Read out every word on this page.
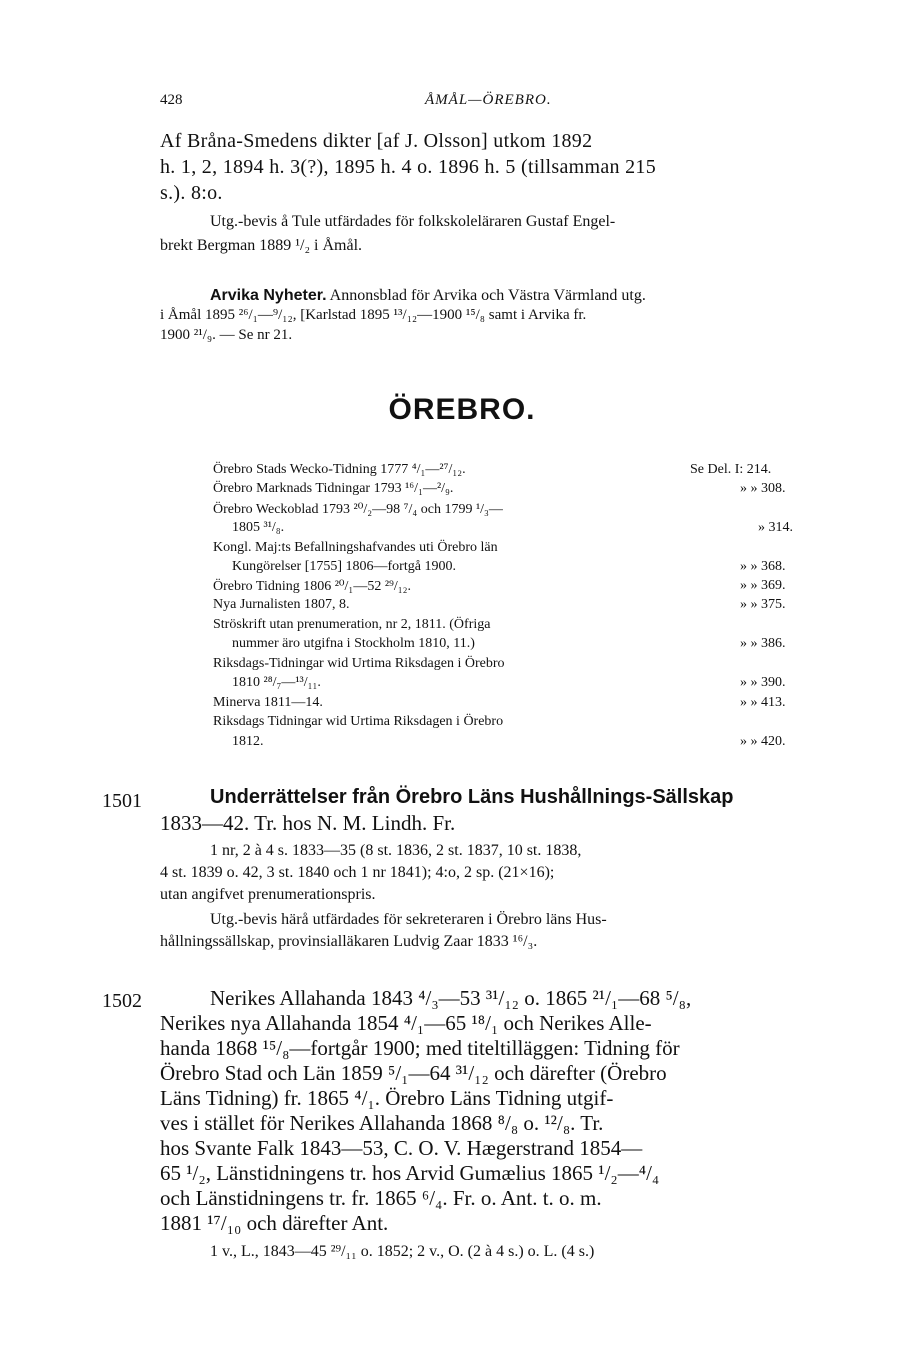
428	ÅMÅL—ÖREBRO.
Af Bråna-Smedens dikter [af J. Olsson] utkom 1892
h. 1, 2, 1894 h. 3(?), 1895 h. 4 o. 1896 h. 5 (tillsamman 215
s.). 8:o.
Utg.-bevis å Tule utfärdades för folkskoleläraren Gustaf Engel-
brekt Bergman 1889 ¹/₂ i Åmål.
Arvika Nyheter. Annonsblad för Arvika och Västra Värmland utg.
i Åmål 1895 ²⁶/₁—⁹/₁₂, [Karlstad 1895 ¹³/₁₂—1900 ¹⁵/₈ samt i Arvika fr.
1900 ²¹/₉. — Se nr 21.
ÖREBRO.
Örebro Stads Wecko-Tidning 1777 ⁴/₁—²⁷/₁₂.	Se Del. I: 214.
Örebro Marknads Tidningar 1793 ¹⁶/₁—²/₉.	» » 308.
Örebro Weckoblad 1793 ²⁰/₂—98 ⁷/₄ och 1799 ¹/₃—
1805 ³¹/₈.	» 314.
Kongl. Maj:ts Befallningshafvandes uti Örebro län
Kungörelser [1755] 1806—fortgå 1900.	» » 368.
Örebro Tidning 1806 ²⁰/₁—52 ²⁹/₁₂.	» » 369.
Nya Jurnalisten 1807, 8.	» » 375.
Ströskrift utan prenumeration, nr 2, 1811. (Öfriga
nummer äro utgifna i Stockholm 1810, 11.)	» » 386.
Riksdags-Tidningar wid Urtima Riksdagen i Örebro
1810 ²⁸/₇—¹³/₁₁.	» » 390.
Minerva 1811—14.	» » 413.
Riksdags Tidningar wid Urtima Riksdagen i Örebro
1812.	» » 420.
1501	Underrättelser från Örebro Läns Hushållnings-Sällskap
1833—42. Tr. hos N. M. Lindh. Fr.
1 nr, 2 à 4 s. 1833—35 (8 st. 1836, 2 st. 1837, 10 st. 1838,
4 st. 1839 o. 42, 3 st. 1840 och 1 nr 1841); 4:o, 2 sp. (21×16);
utan angifvet prenumerationspris.
Utg.-bevis härå utfärdades för sekreteraren i Örebro läns Hus-
hållningssällskap, provinsialläkaren Ludvig Zaar 1833 ¹⁶/₃.
1502	Nerikes Allahanda 1843 ⁴/₃—53 ³¹/₁₂ o. 1865 ²¹/₁—68 ⁵/₈,
Nerikes nya Allahanda 1854 ⁴/₁—65 ¹⁸/₁ och Nerikes Alle-
handa 1868 ¹⁵/₈—fortgår 1900; med titeltilläggen: Tidning för
Örebro Stad och Län 1859 ⁵/₁—64 ³¹/₁₂ och därefter (Örebro
Läns Tidning) fr. 1865 ⁴/₁. Örebro Läns Tidning utgif-
ves i stället för Nerikes Allahanda 1868 ⁸/₈ o. ¹²/₈. Tr.
hos Svante Falk 1843—53, C. O. V. Hægerstrand 1854—
65 ¹/₂, Länstidningens tr. hos Arvid Gumælius 1865 ¹/₂—⁴/₄
och Länstidningens tr. fr. 1865 ⁶/₄. Fr. o. Ant. t. o. m.
1881 ¹⁷/₁₀ och därefter Ant.
1 v., L., 1843—45 ²⁹/₁₁ o. 1852; 2 v., O. (2 à 4 s.) o. L. (4 s.)
